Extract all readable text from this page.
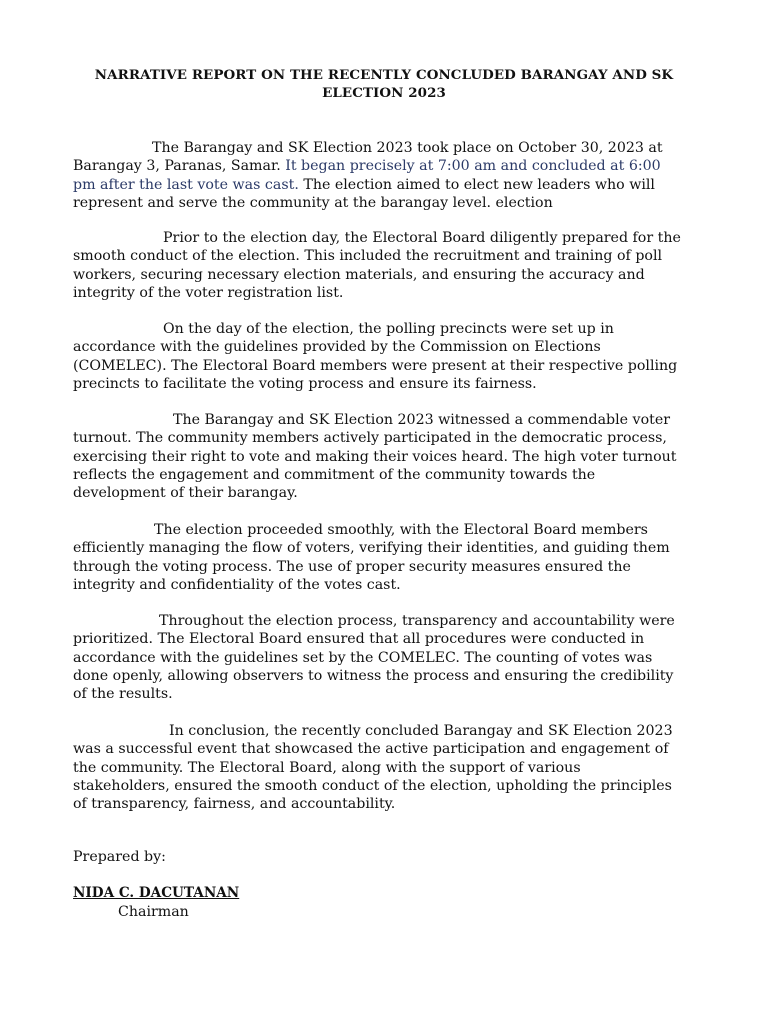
NARRATIVE REPORT ON THE RECENTLY CONCLUDED BARANGAY AND SK
ELECTION 2023
The Barangay and SK Election 2023 took place on October 30, 2023 at
Barangay 3, Paranas, Samar. It began precisely at 7:00 am and concluded at 6:00
pm after the last vote was cast. The election aimed to elect new leaders who will
represent and serve the community at the barangay level. election
Prior to the election day, the Electoral Board diligently prepared for the
smooth conduct of the election. This included the recruitment and training of poll
workers, securing necessary election materials, and ensuring the accuracy and
integrity of the voter registration list.
On the day of the election, the polling precincts were set up in
accordance with the guidelines provided by the Commission on Elections
(COMELEC). The Electoral Board members were present at their respective polling
precincts to facilitate the voting process and ensure its fairness.
The Barangay and SK Election 2023 witnessed a commendable voter
turnout. The community members actively participated in the democratic process,
exercising their right to vote and making their voices heard. The high voter turnout
reflects the engagement and commitment of the community towards the
development of their barangay.
The election proceeded smoothly, with the Electoral Board members
efficiently managing the flow of voters, verifying their identities, and guiding them
through the voting process. The use of proper security measures ensured the
integrity and confidentiality of the votes cast.
Throughout the election process, transparency and accountability were
prioritized. The Electoral Board ensured that all procedures were conducted in
accordance with the guidelines set by the COMELEC. The counting of votes was
done openly, allowing observers to witness the process and ensuring the credibility
of the results.
In conclusion, the recently concluded Barangay and SK Election 2023
was a successful event that showcased the active participation and engagement of
the community. The Electoral Board, along with the support of various
stakeholders, ensured the smooth conduct of the election, upholding the principles
of transparency, fairness, and accountability.
Prepared by:
NIDA C. DACUTANAN
Chairman
